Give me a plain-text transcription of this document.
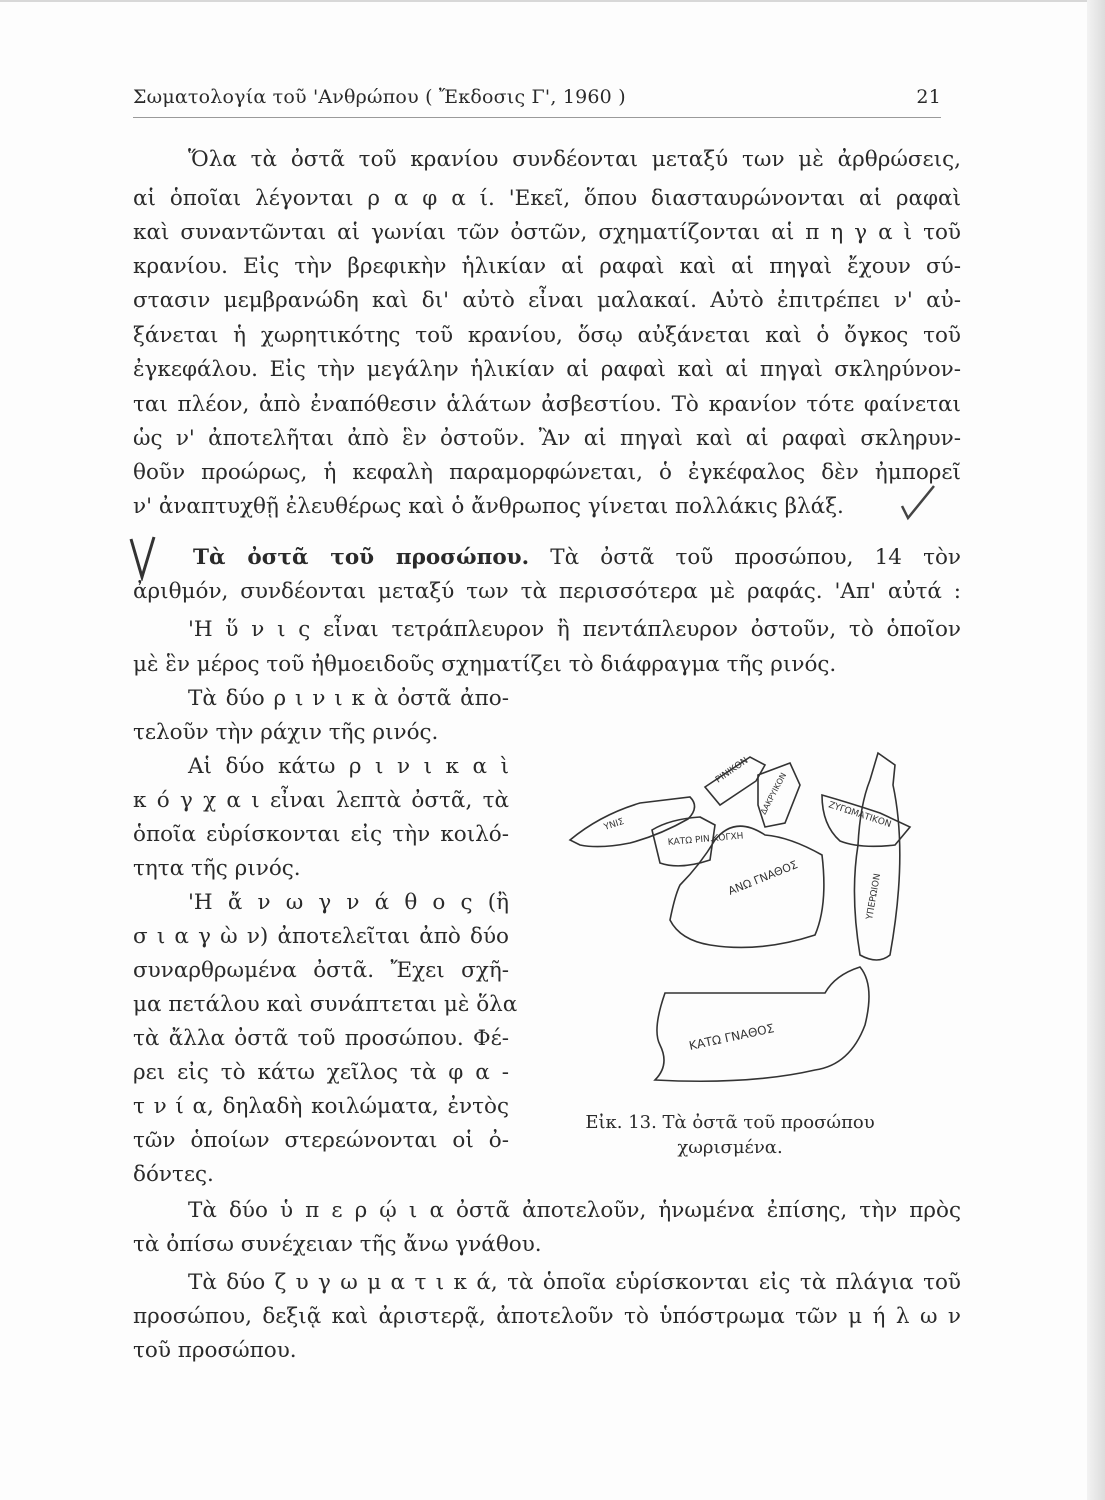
Σωματολογία τοῦ 'Ανθρώπου ( Ἔκδοσις Γ', 1960 )	21
Ὅλα τὰ ὀστᾶ τοῦ κρανίου συνδέονται μεταξύ των μὲ ἀρθρώσεις,
αἱ ὁποῖαι λέγονται ρ α φ α ί. 'Εκεῖ, ὅπου διασταυρώνονται αἱ ραφαὶ
καὶ συναντῶνται αἱ γωνίαι τῶν ὀστῶν, σχηματίζονται αἱ π η γ α ὶ τοῦ
κρανίου. Εἰς τὴν βρεφικὴν ἡλικίαν αἱ ραφαὶ καὶ αἱ πηγαὶ ἔχουν σύ-
στασιν μεμβρανώδη καὶ δι' αὐτὸ εἶναι μαλακαί. Αὐτὸ ἐπιτρέπει ν' αὐ-
ξάνεται ἡ χωρητικότης τοῦ κρανίου, ὅσῳ αὐξάνεται καὶ ὁ ὄγκος τοῦ
ἐγκεφάλου. Εἰς τὴν μεγάλην ἡλικίαν αἱ ραφαὶ καὶ αἱ πηγαὶ σκληρύνον-
ται πλέον, ἀπὸ ἐναπόθεσιν ἁλάτων ἀσβεστίου. Τὸ κρανίον τότε φαίνεται
ὡς ν' ἀποτελῆται ἀπὸ ἓν ὀστοῦν. Ἂν αἱ πηγαὶ καὶ αἱ ραφαὶ σκληρυν-
θοῦν προώρως, ἡ κεφαλὴ παραμορφώνεται, ὁ ἐγκέφαλος δὲν ἠμπορεῖ
ν' ἀναπτυχθῇ ἐλευθέρως καὶ ὁ ἄνθρωπος γίνεται πολλάκις βλάξ.
Τὰ ὀστᾶ τοῦ προσώπου. Τὰ ὀστᾶ τοῦ προσώπου, 14 τὸν
ἀριθμόν, συνδέονται μεταξύ των τὰ περισσότερα μὲ ραφάς. 'Απ' αὐτά :
'Η ὕ ν ι ς εἶναι τετράπλευρον ἢ πεντάπλευρον ὀστοῦν, τὸ ὁποῖον
μὲ ἓν μέρος τοῦ ἠθμοειδοῦς σχηματίζει τὸ διάφραγμα τῆς ρινός.
Τὰ δύο ρ ι ν ι κ ὰ ὀστᾶ ἀπο-
τελοῦν τὴν ράχιν τῆς ρινός.
Αἱ δύο κάτω ρ ι ν ι κ α ὶ
κ ό γ χ α ι εἶναι λεπτὰ ὀστᾶ, τὰ
ὁποῖα εὑρίσκονται εἰς τὴν κοιλό-
τητα τῆς ρινός.
'Η ἄ ν ω γ ν ά θ ο ς (ἢ
σ ι α γ ὼ ν) ἀποτελεῖται ἀπὸ δύο
συναρθρωμένα ὀστᾶ. Ἔχει σχῆ-
μα πετάλου καὶ συνάπτεται μὲ ὅλα
τὰ ἄλλα ὀστᾶ τοῦ προσώπου. Φέ-
ρει εἰς τὸ κάτω χεῖλος τὰ φ α -
τ ν ί α, δηλαδὴ κοιλώματα, ἐντὸς
τῶν ὁποίων στερεώνονται οἱ ὀ-
δόντες.
ΥΝΙΣ
ΡΙΝΙΚΟΝ
ΚΑΤΩ ΡΙΝ.ΚΟΓΧΗ
ΔΑΚΡΥΙΚΟΝ	ΖΥΓΩΜΑΤΙΚΟΝ
ΑΝΩ ΓΝΑΘΟΣ	ΥΠΕΡΩΙΟΝ
ΚΑΤΩ ΓΝΑΘΟΣ
Εἰκ. 13. Τὰ ὀστᾶ τοῦ προσώπου
χωρισμένα.
Τὰ δύο ὑ π ε ρ ῴ ι α ὀστᾶ ἀποτελοῦν, ἡνωμένα ἐπίσης, τὴν πρὸς
τὰ ὀπίσω συνέχειαν τῆς ἄνω γνάθου.
Τὰ δύο ζ υ γ ω μ α τ ι κ ά, τὰ ὁποῖα εὑρίσκονται εἰς τὰ πλάγια τοῦ
προσώπου, δεξιᾷ καὶ ἀριστερᾷ, ἀποτελοῦν τὸ ὑπόστρωμα τῶν μ ή λ ω ν
τοῦ προσώπου.
